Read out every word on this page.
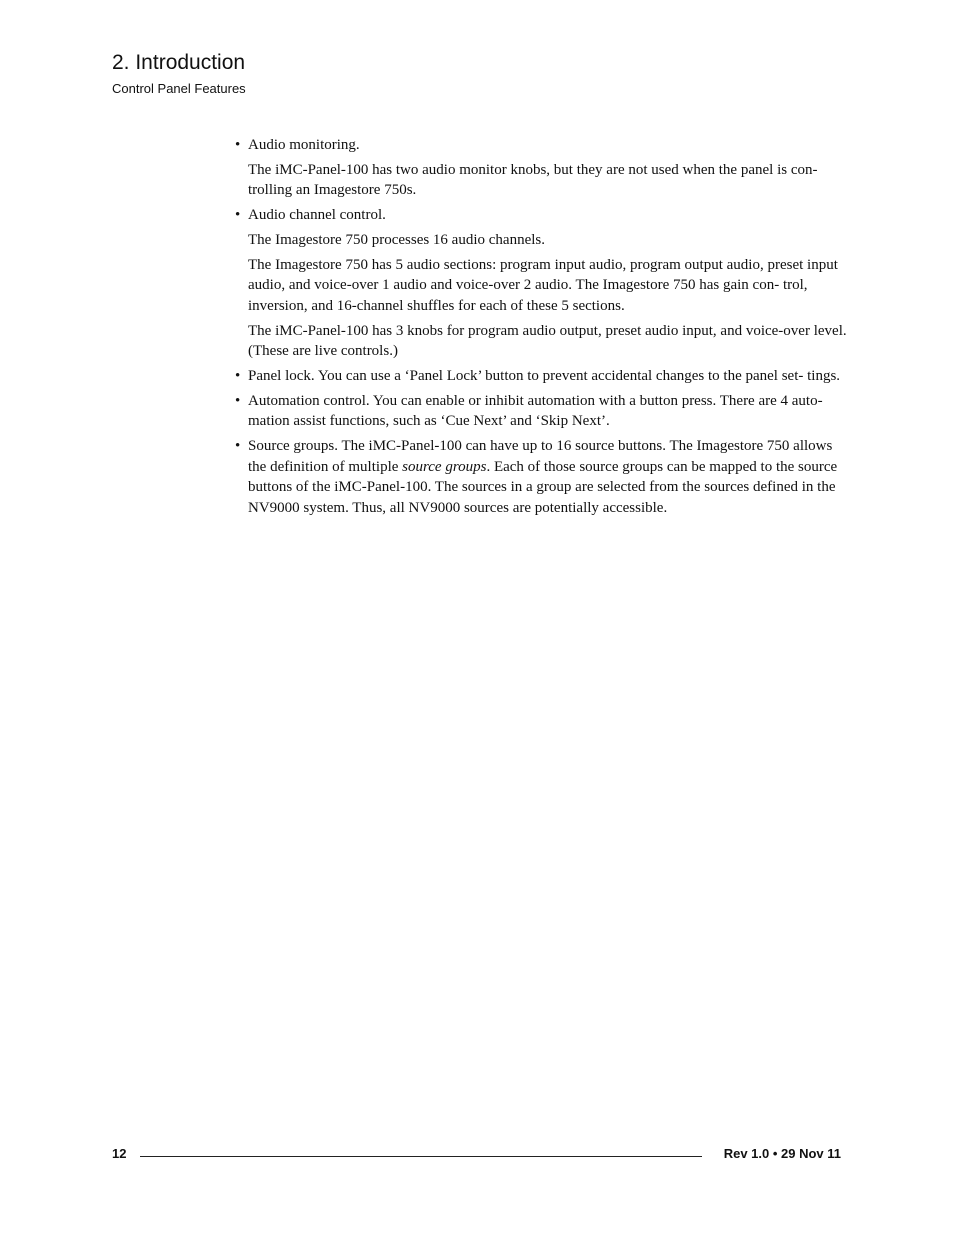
2. Introduction
Control Panel Features

• Audio monitoring.

The iMC-Panel-100 has two audio monitor knobs, but they are not used when the panel is con- trolling an Imagestore 750s.

• Audio channel control.

The Imagestore 750 processes 16 audio channels.

The Imagestore 750 has 5 audio sections: program input audio, program output audio, preset input audio, and voice-over 1 audio and voice-over 2 audio. The Imagestore 750 has gain con- trol, inversion, and 16-channel shuffles for each of these 5 sections.

The iMC-Panel-100 has 3 knobs for program audio output, preset audio input, and voice-over level. (These are live controls.)

• Panel lock. You can use a ‘Panel Lock’ button to prevent accidental changes to the panel set- tings.

• Automation control. You can enable or inhibit automation with a button press. There are 4 auto- mation assist functions, such as ‘Cue Next’ and ‘Skip Next’.

• Source groups. The iMC-Panel-100 can have up to 16 source buttons. The Imagestore 750 allows the definition of multiple source groups. Each of those source groups can be mapped to the source buttons of the iMC-Panel-100. The sources in a group are selected from the sources defined in the NV9000 system. Thus, all NV9000 sources are potentially accessible.

12	Rev 1.0 • 29 Nov 11
